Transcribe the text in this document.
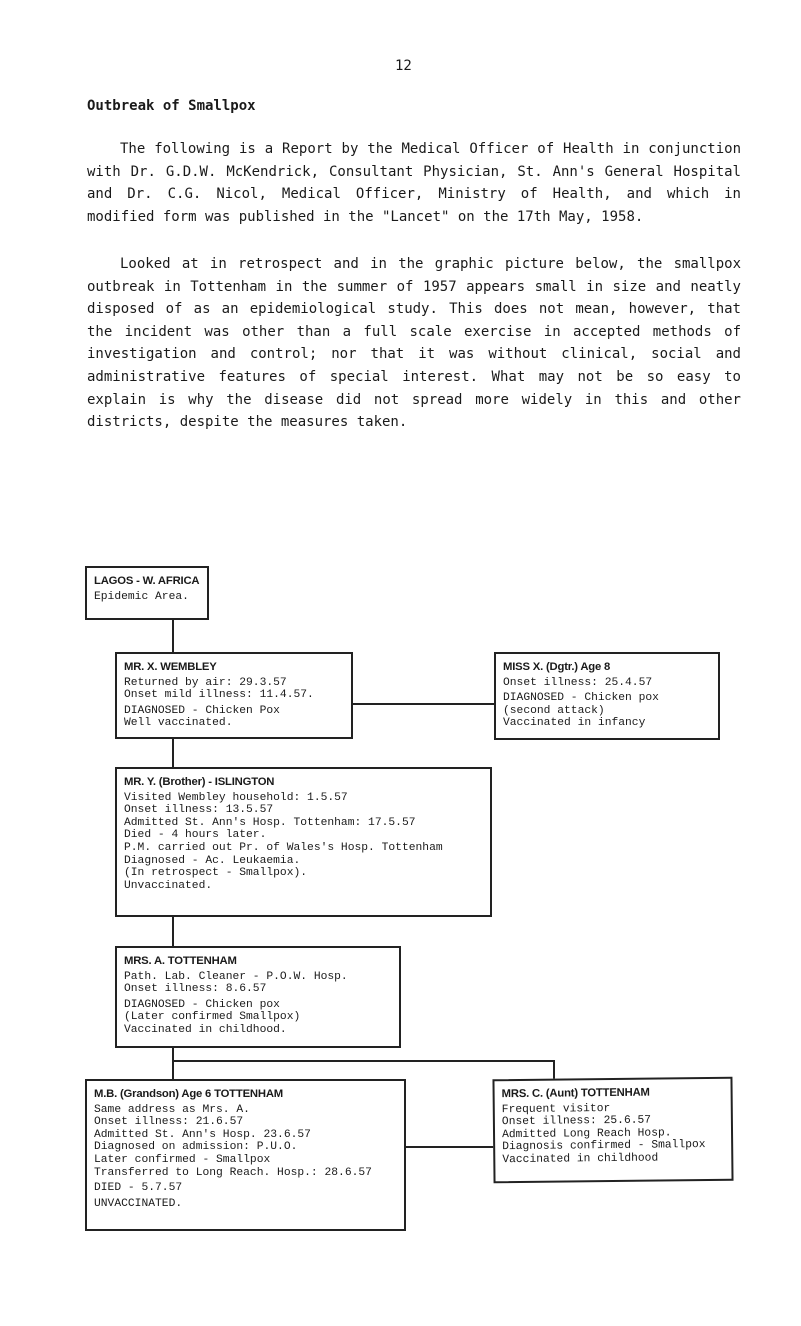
12
Outbreak of Smallpox

The following is a Report by the Medical Officer of Health in conjunction with Dr. G.D.W. McKendrick, Consultant Physician, St. Ann's General Hospital and Dr. C.G. Nicol, Medical Officer, Ministry of Health, and which in modified form was published in the "Lancet" on the 17th May, 1958.

Looked at in retrospect and in the graphic picture below, the smallpox outbreak in Tottenham in the summer of 1957 appears small in size and neatly disposed of as an epidemiological study. This does not mean, however, that the incident was other than a full scale exercise in accepted methods of investigation and control; nor that it was without clinical, social and administrative features of special interest. What may not be so easy to explain is why the disease did not spread more widely in this and other districts, despite the measures taken.

LAGOS - W. AFRICA
Epidemic Area.
MR. X. WEMBLEY
Returned by air: 29.3.57
Onset mild illness: 11.4.57.
DIAGNOSED - Chicken Pox
Well vaccinated.
MISS X. (Dgtr.) Age 8
Onset illness: 25.4.57
DIAGNOSED - Chicken pox
(second attack)
Vaccinated in infancy
MR. Y. (Brother) - ISLINGTON
Visited Wembley household: 1.5.57
Onset illness: 13.5.57
Admitted St. Ann's Hosp. Tottenham: 17.5.57
Died - 4 hours later.
P.M. carried out Pr. of Wales's Hosp. Tottenham
Diagnosed - Ac. Leukaemia.
(In retrospect - Smallpox).
Unvaccinated.
MRS. A. TOTTENHAM
Path. Lab. Cleaner - P.O.W. Hosp.
Onset illness: 8.6.57
DIAGNOSED - Chicken pox
(Later confirmed Smallpox)
Vaccinated in childhood.
M.B. (Grandson) Age 6 TOTTENHAM
Same address as Mrs. A.
Onset illness: 21.6.57
Admitted St. Ann's Hosp. 23.6.57
Diagnosed on admission: P.U.O.
Later confirmed - Smallpox
Transferred to Long Reach. Hosp.: 28.6.57
DIED - 5.7.57
UNVACCINATED.
MRS. C. (Aunt) TOTTENHAM
Frequent visitor
Onset illness: 25.6.57
Admitted Long Reach Hosp.
Diagnosis confirmed - Smallpox
Vaccinated in childhood
